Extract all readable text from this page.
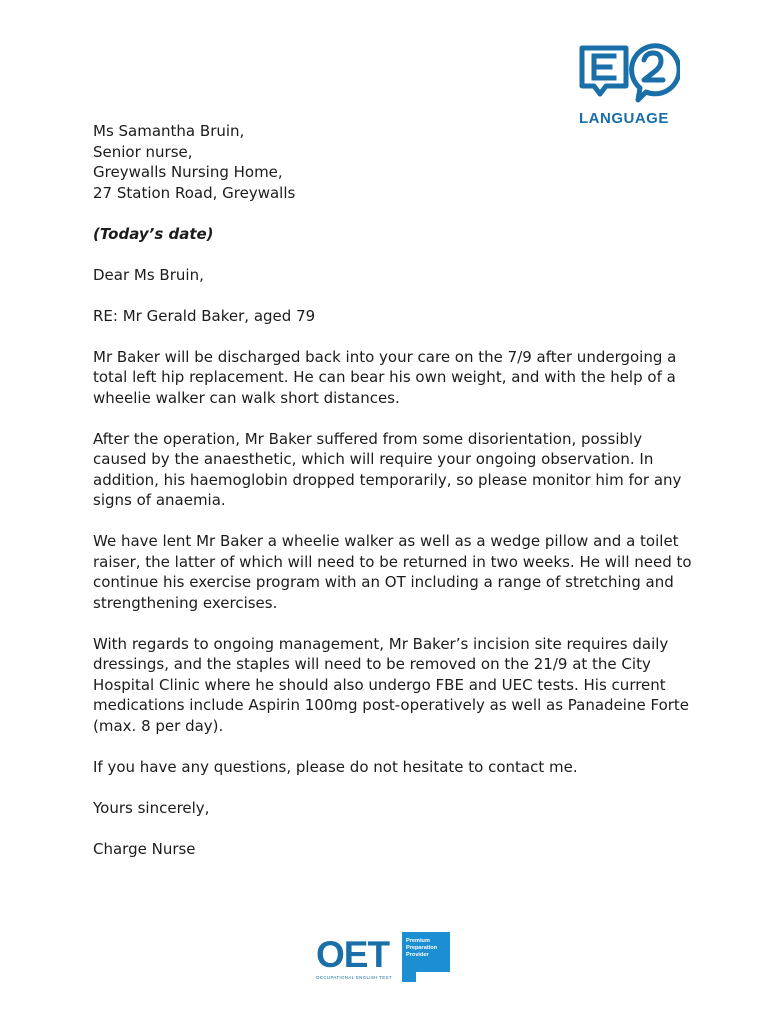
LANGUAGE

Ms Samantha Bruin,
Senior nurse,
Greywalls Nursing Home,
27 Station Road, Greywalls

(Today’s date)

Dear Ms Bruin,

RE: Mr Gerald Baker, aged 79

Mr Baker will be discharged back into your care on the 7/9 after undergoing a total left hip replacement. He can bear his own weight, and with the help of a wheelie walker can walk short distances.

After the operation, Mr Baker suffered from some disorientation, possibly caused by the anaesthetic, which will require your ongoing observation. In addition, his haemoglobin dropped temporarily, so please monitor him for any signs of anaemia.

We have lent Mr Baker a wheelie walker as well as a wedge pillow and a toilet raiser, the latter of which will need to be returned in two weeks. He will need to continue his exercise program with an OT including a range of stretching and strengthening exercises.

With regards to ongoing management, Mr Baker’s incision site requires daily dressings, and the staples will need to be removed on the 21/9 at the City Hospital Clinic where he should also undergo FBE and UEC tests. His current medications include Aspirin 100mg post-operatively as well as Panadeine Forte (max. 8 per day).

If you have any questions, please do not hesitate to contact me.

Yours sincerely,

Charge Nurse

OET
OCCUPATIONAL ENGLISH TEST
Premium
Preparation
Provider
